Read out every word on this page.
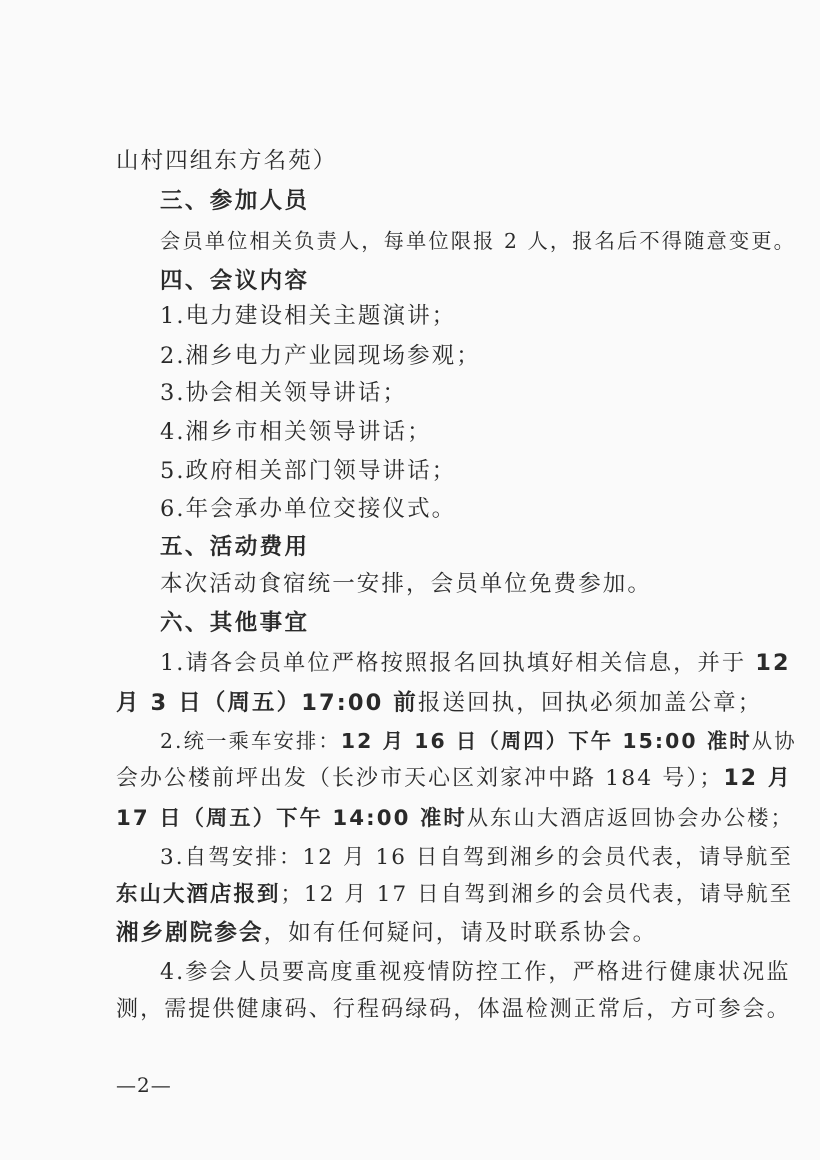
山村四组东方名苑）

三、参加人员

会员单位相关负责人，每单位限报 2 人，报名后不得随意变更。

四、会议内容

1.电力建设相关主题演讲；

2.湘乡电力产业园现场参观；

3.协会相关领导讲话；

4.湘乡市相关领导讲话；

5.政府相关部门领导讲话；

6.年会承办单位交接仪式。

五、活动费用

本次活动食宿统一安排，会员单位免费参加。

六、其他事宜

1.请各会员单位严格按照报名回执填好相关信息，并于 12

月 3 日（周五）17:00 前报送回执，回执必须加盖公章；

2.统一乘车安排：12 月 16 日（周四）下午 15:00 准时从协

会办公楼前坪出发（长沙市天心区刘家冲中路 184 号）；12 月

17 日（周五）下午 14:00 准时从东山大酒店返回协会办公楼；

3.自驾安排：12 月 16 日自驾到湘乡的会员代表，请导航至

东山大酒店报到；12 月 17 日自驾到湘乡的会员代表，请导航至

湘乡剧院参会，如有任何疑问，请及时联系协会。

4.参会人员要高度重视疫情防控工作，严格进行健康状况监

测，需提供健康码、行程码绿码，体温检测正常后，方可参会。

—2—
